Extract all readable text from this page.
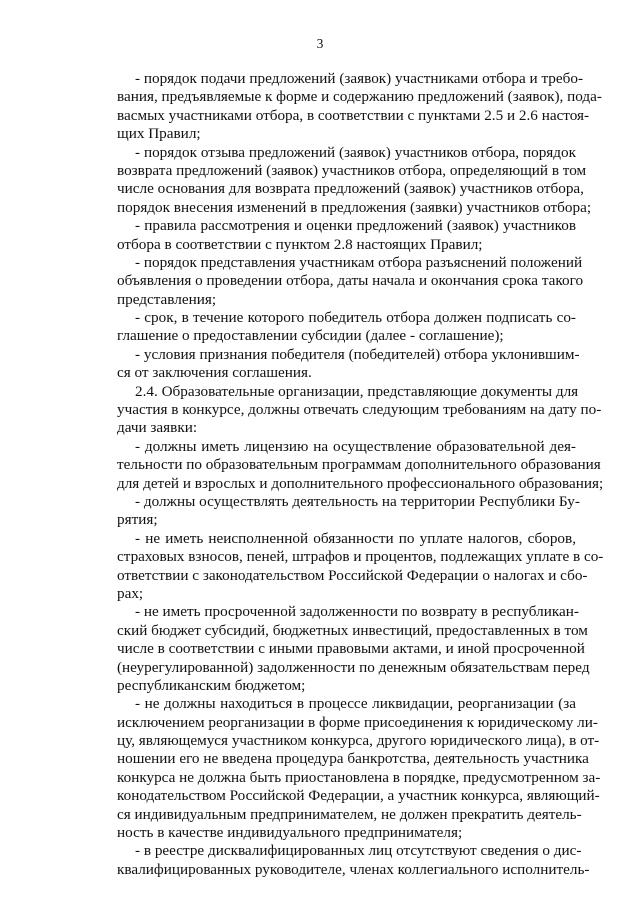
3

- порядок подачи предложений (заявок) участниками отбора и требо-
вания, предъявляемые к форме и содержанию предложений (заявок), пода-
васмых участниками отбора, в соответствии с пунктами 2.5 и 2.6 настоя-
щих Правил;

- порядок отзыва предложений (заявок) участников отбора, порядок
возврата предложений (заявок) участников отбора, определяющий в том
числе основания для возврата предложений (заявок) участников отбора,
порядок внесения изменений в предложения (заявки) участников отбора;

- правила рассмотрения и оценки предложений (заявок) участников
отбора в соответствии с пунктом 2.8 настоящих Правил;

- порядок представления участникам отбора разъяснений положений
объявления о проведении отбора, даты начала и окончания срока такого
представления;

- срок, в течение которого победитель отбора должен подписать со-
глашение о предоставлении субсидии (далее - соглашение);

- условия признания победителя (победителей) отбора уклонившим-
ся от заключения соглашения.

2.4. Образовательные организации, представляющие документы для
участия в конкурсе, должны отвечать следующим требованиям на дату по-
дачи заявки:

- должны иметь лицензию на осуществление образовательной дея-
тельности по образовательным программам дополнительного образования
для детей и взрослых и дополнительного профессионального образования;

- должны осуществлять деятельность на территории Республики Бу-
рятия;

- не иметь неисполненной обязанности по уплате налогов, сборов,
страховых взносов, пеней, штрафов и процентов, подлежащих уплате в со-
ответствии с законодательством Российской Федерации о налогах и сбо-
рах;

- не иметь просроченной задолженности по возврату в республикан-
ский бюджет субсидий, бюджетных инвестиций, предоставленных в том
числе в соответствии с иными правовыми актами, и иной просроченной
(неурегулированной) задолженности по денежным обязательствам перед
республиканским бюджетом;

- не должны находиться в процессе ликвидации, реорганизации (за
исключением реорганизации в форме присоединения к юридическому ли-
цу, являющемуся участником конкурса, другого юридического лица), в от-
ношении его не введена процедура банкротства, деятельность участника
конкурса не должна быть приостановлена в порядке, предусмотренном за-
конодательством Российской Федерации, а участник конкурса, являющий-
ся индивидуальным предпринимателем, не должен прекратить деятель-
ность в качестве индивидуального предпринимателя;

- в реестре дисквалифицированных лиц отсутствуют сведения о дис-
квалифицированных руководителе, членах коллегиального исполнитель-
